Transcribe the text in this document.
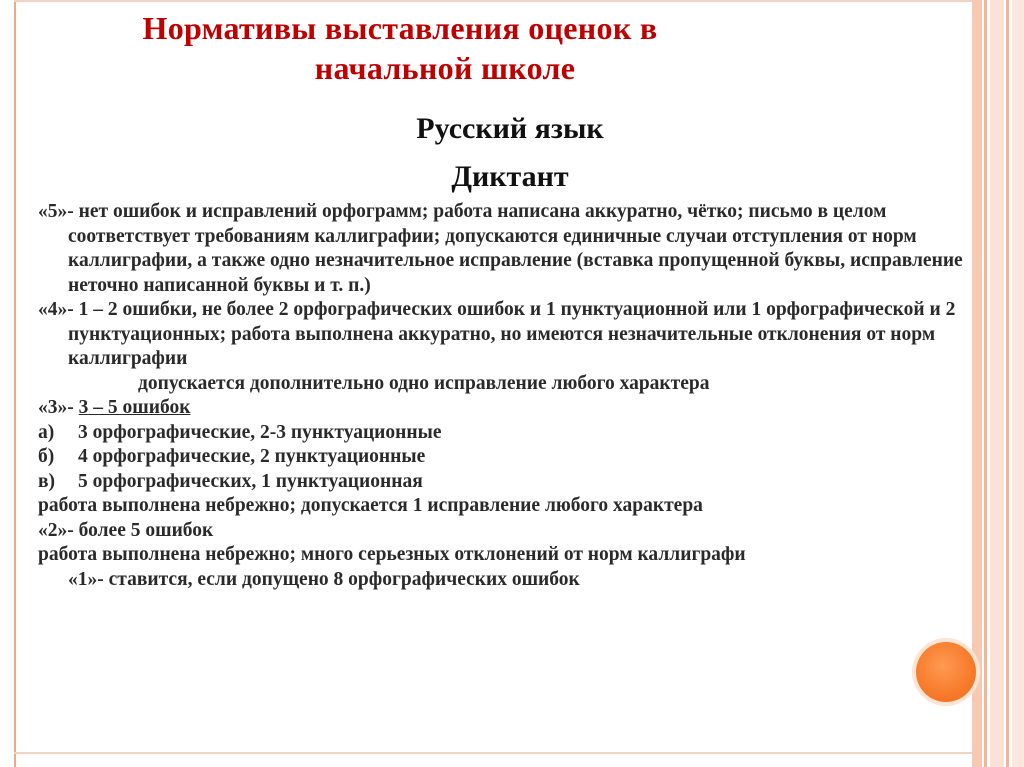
Нормативы выставления оценок в
начальной школе
Русский язык
Диктант

«5»- нет ошибок и исправлений орфограмм; работа написана аккуратно, чётко; письмо в целом соответствует требованиям каллиграфии; допускаются единичные случаи отступления от норм каллиграфии, а также одно незначительное исправление (вставка пропущенной буквы, исправление неточно написанной буквы и т. п.)

«4»- 1 – 2 ошибки, не более 2 орфографических ошибок и 1 пунктуационной или 1 орфографической и 2 пунктуационных; работа выполнена аккуратно, но имеются незначительные отклонения от норм каллиграфии

допускается дополнительно одно исправление любого характера

«3»- 3 – 5 ошибок

а) 3 орфографические, 2-3 пунктуационные

б) 4 орфографические, 2 пунктуационные

в) 5 орфографических, 1 пунктуационная

работа выполнена небрежно; допускается 1 исправление любого характера

«2»- более 5 ошибок

работа выполнена небрежно; много серьезных отклонений от норм каллиграфи

«1»- ставится, если допущено 8 орфографических ошибок
